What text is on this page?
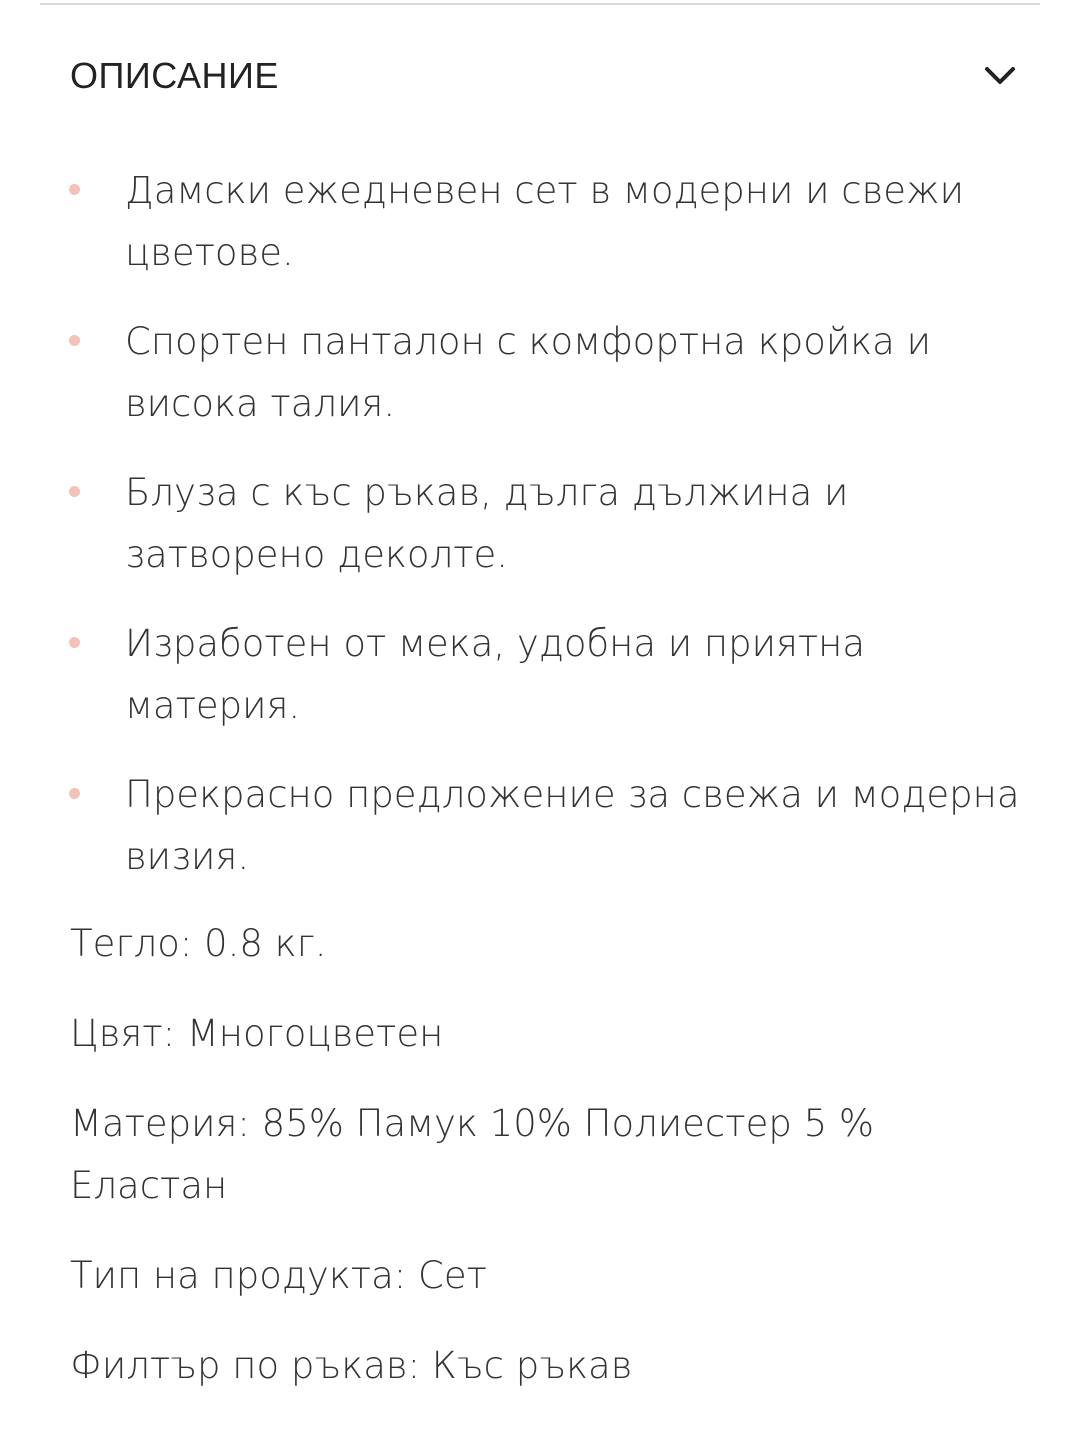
ОПИСАНИЕ
Дамски ежедневен сет в модерни и свежи цветове.
Спортен панталон с комфортна кройка и висока талия.
Блуза с къс ръкав, дълга дължина и затворено деколте.
Изработен от мека, удобна и приятна материя.
Прекрасно предложение за свежа и модерна визия.
Тегло: 0.8 кг.
Цвят: Многоцветен
Материя: 85% Памук 10% Полиестер 5 % Еластан
Тип на продукта: Сет
Филтър по ръкав: Къс ръкав
